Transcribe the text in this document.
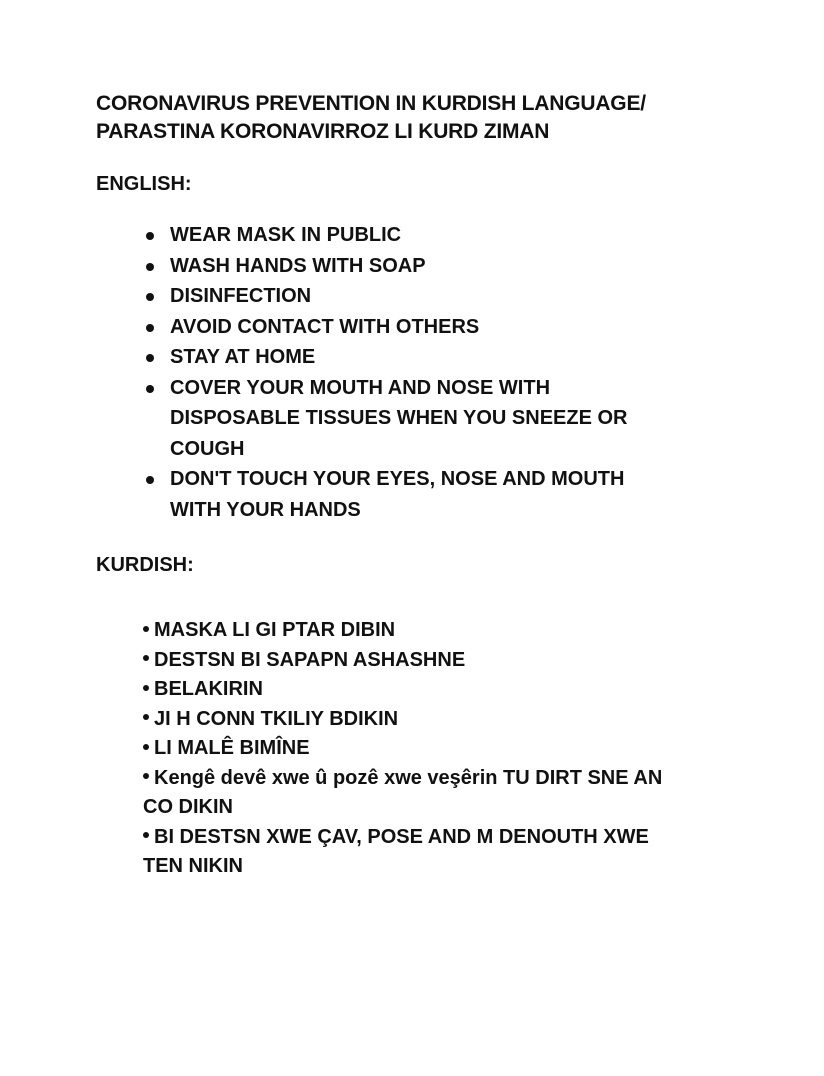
CORONAVIRUS PREVENTION IN KURDISH LANGUAGE/
PARASTINA KORONAVIRROZ LI KURD ZIMAN
ENGLISH:
WEAR MASK IN PUBLIC
WASH HANDS WITH SOAP
DISINFECTION
AVOID CONTACT WITH OTHERS
STAY AT HOME
COVER YOUR MOUTH AND NOSE WITH
DISPOSABLE TISSUES WHEN YOU SNEEZE OR
COUGH
DON'T TOUCH YOUR EYES, NOSE AND MOUTH
WITH YOUR HANDS
KURDISH:
MASKA LI GI PTAR DIBIN
DESTSN BI SAPAPN ASHASHNE
BELAKIRIN
JI H CONN TKILIY BDIKIN
LI MALÊ BIMÎNE
Kengê devê xwe û pozê xwe veşêrin TU DIRT SNE AN
CO DIKIN
BI DESTSN XWE ÇAV, POSE AND M DENOUTH XWE
TEN NIKIN
